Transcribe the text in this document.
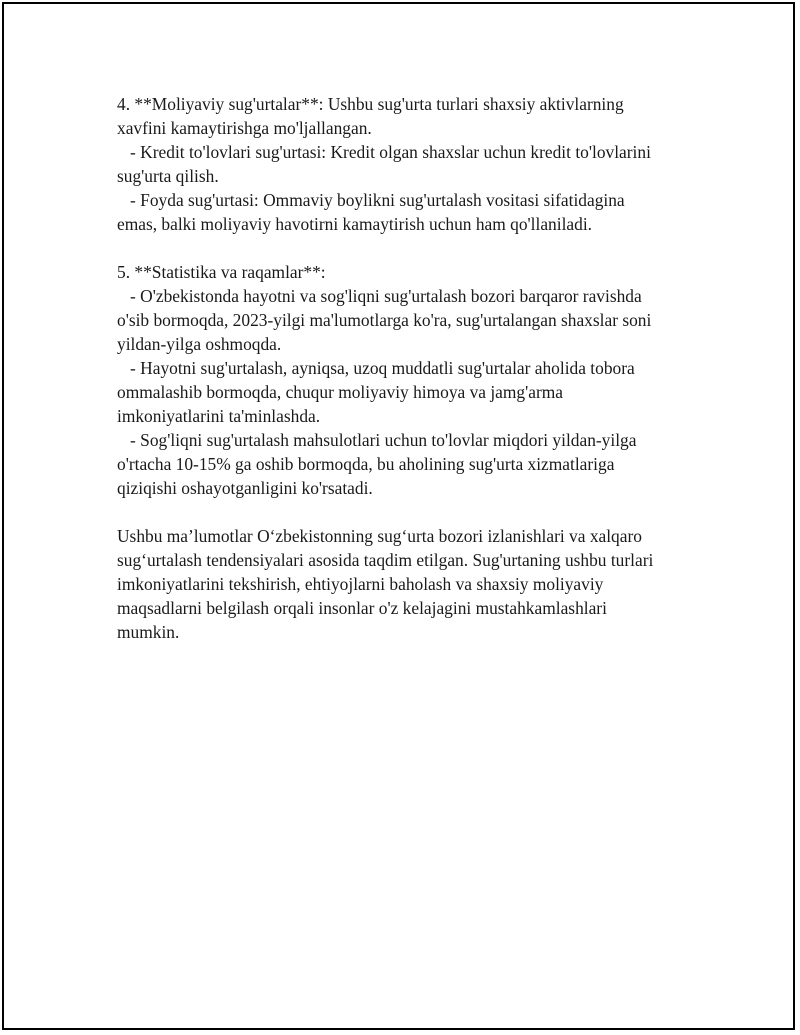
4. **Moliyaviy sug'urtalar**: Ushbu sug'urta turlari shaxsiy aktivlarning
xavfini kamaytirishga mo'ljallangan.
- Kredit to'lovlari sug'urtasi: Kredit olgan shaxslar uchun kredit to'lovlarini
sug'urta qilish.
- Foyda sug'urtasi: Ommaviy boylikni sug'urtalash vositasi sifatidagina
emas, balki moliyaviy havotirni kamaytirish uchun ham qo'llaniladi.
5. **Statistika va raqamlar**:
- O'zbekistonda hayotni va sog'liqni sug'urtalash bozori barqaror ravishda
o'sib bormoqda, 2023-yilgi ma'lumotlarga ko'ra, sug'urtalangan shaxslar soni
yildan-yilga oshmoqda.
- Hayotni sug'urtalash, ayniqsa, uzoq muddatli sug'urtalar aholida tobora
ommalashib bormoqda, chuqur moliyaviy himoya va jamg'arma
imkoniyatlarini ta'minlashda.
- Sog'liqni sug'urtalash mahsulotlari uchun to'lovlar miqdori yildan-yilga
o'rtacha 10-15% ga oshib bormoqda, bu aholining sug'urta xizmatlariga
qiziqishi oshayotganligini ko'rsatadi.
Ushbu ma’lumotlar O‘zbekistonning sug‘urta bozori izlanishlari va xalqaro
sug‘urtalash tendensiyalari asosida taqdim etilgan. Sug'urtaning ushbu turlari
imkoniyatlarini tekshirish, ehtiyojlarni baholash va shaxsiy moliyaviy
maqsadlarni belgilash orqali insonlar o'z kelajagini mustahkamlashlari
mumkin.
